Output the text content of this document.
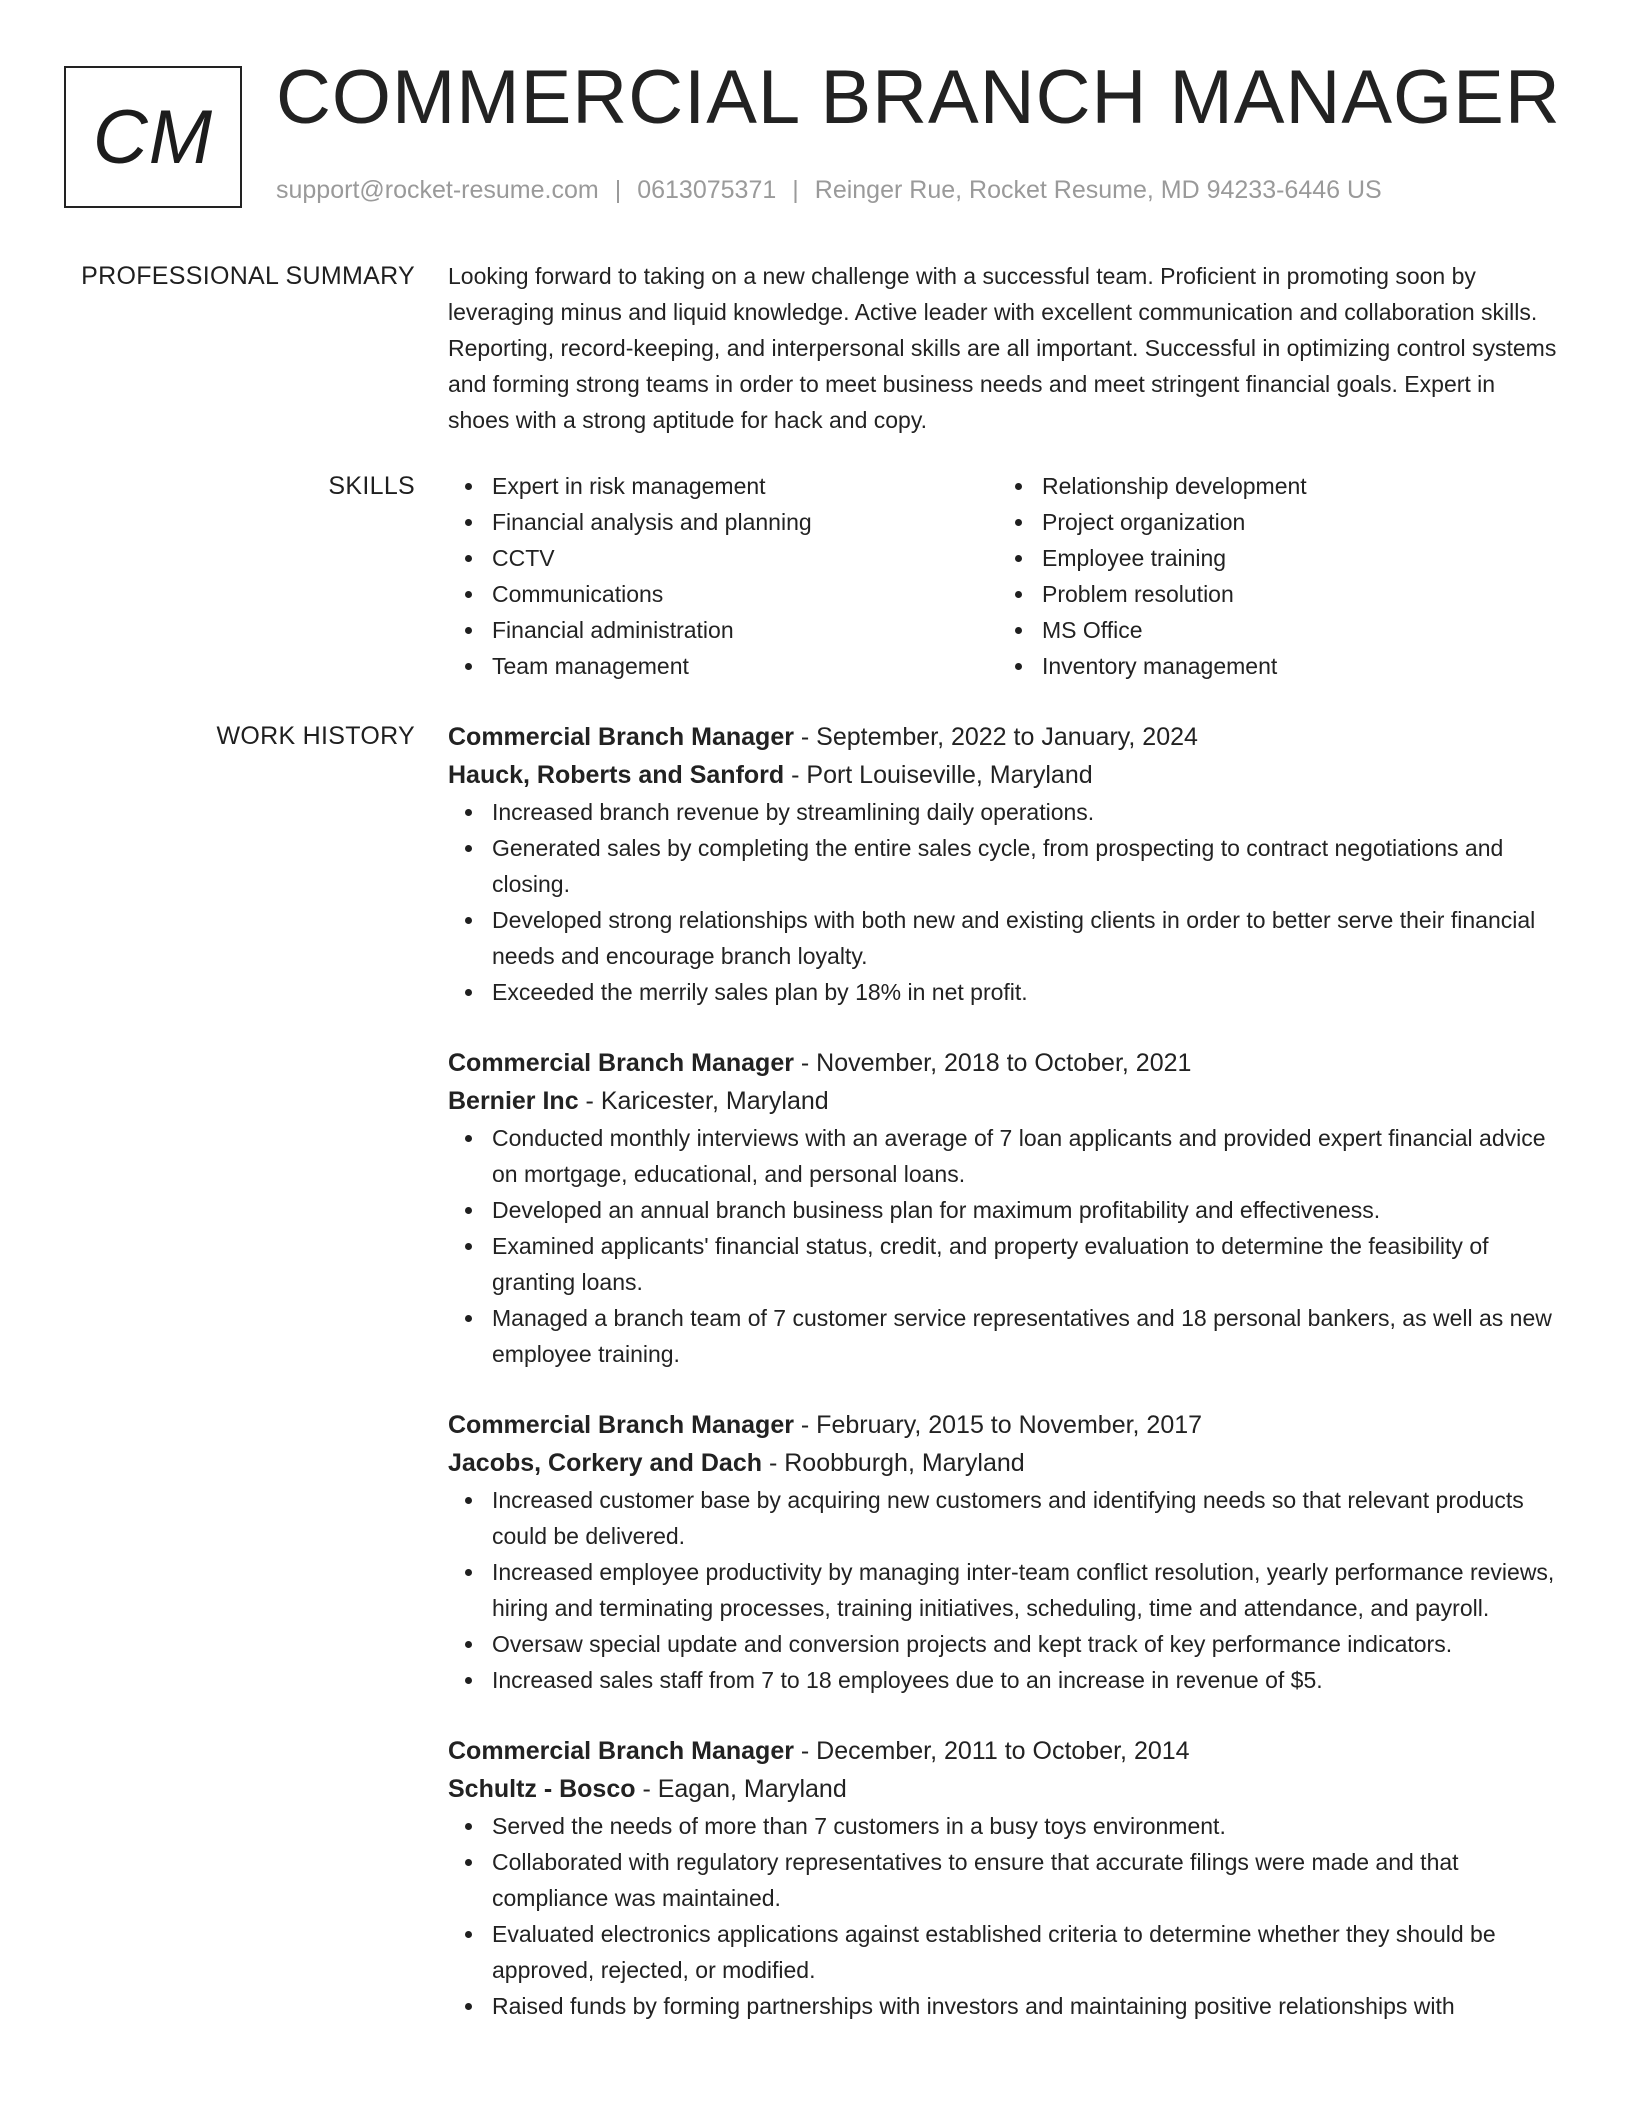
CM COMMERCIAL BRANCH MANAGER
support@rocket-resume.com | 0613075371 | Reinger Rue, Rocket Resume, MD 94233-6446 US
PROFESSIONAL SUMMARY Looking forward to taking on a new challenge with a successful team. Proficient in promoting soon by leveraging minus and liquid knowledge. Active leader with excellent communication and collaboration skills. Reporting, record-keeping, and interpersonal skills are all important. Successful in optimizing control systems and forming strong teams in order to meet business needs and meet stringent financial goals. Expert in shoes with a strong aptitude for hack and copy.

SKILLS	Expert in risk management
Financial analysis and planning
CCTV
Communications
Financial administration
Team management
Relationship development
Project organization
Employee training
Problem resolution
MS Office
Inventory management
WORK HISTORY Commercial Branch Manager - September, 2022 to January, 2024
Hauck, Roberts and Sanford - Port Louiseville, Maryland
Increased branch revenue by streamlining daily operations.
Generated sales by completing the entire sales cycle, from prospecting to contract negotiations and closing.
Developed strong relationships with both new and existing clients in order to better serve their financial needs and encourage branch loyalty.
Exceeded the merrily sales plan by 18% in net profit.
Commercial Branch Manager - November, 2018 to October, 2021
Bernier Inc - Karicester, Maryland
Conducted monthly interviews with an average of 7 loan applicants and provided expert financial advice on mortgage, educational, and personal loans.
Developed an annual branch business plan for maximum profitability and effectiveness.
Examined applicants' financial status, credit, and property evaluation to determine the feasibility of granting loans.
Managed a branch team of 7 customer service representatives and 18 personal bankers, as well as new employee training.
Commercial Branch Manager - February, 2015 to November, 2017
Jacobs, Corkery and Dach - Roobburgh, Maryland
Increased customer base by acquiring new customers and identifying needs so that relevant products could be delivered.
Increased employee productivity by managing inter-team conflict resolution, yearly performance reviews, hiring and terminating processes, training initiatives, scheduling, time and attendance, and payroll.
Oversaw special update and conversion projects and kept track of key performance indicators.
Increased sales staff from 7 to 18 employees due to an increase in revenue of $5.
Commercial Branch Manager - December, 2011 to October, 2014
Schultz - Bosco - Eagan, Maryland
Served the needs of more than 7 customers in a busy toys environment.
Collaborated with regulatory representatives to ensure that accurate filings were made and that compliance was maintained.
Evaluated electronics applications against established criteria to determine whether they should be approved, rejected, or modified.
Raised funds by forming partnerships with investors and maintaining positive relationships with
